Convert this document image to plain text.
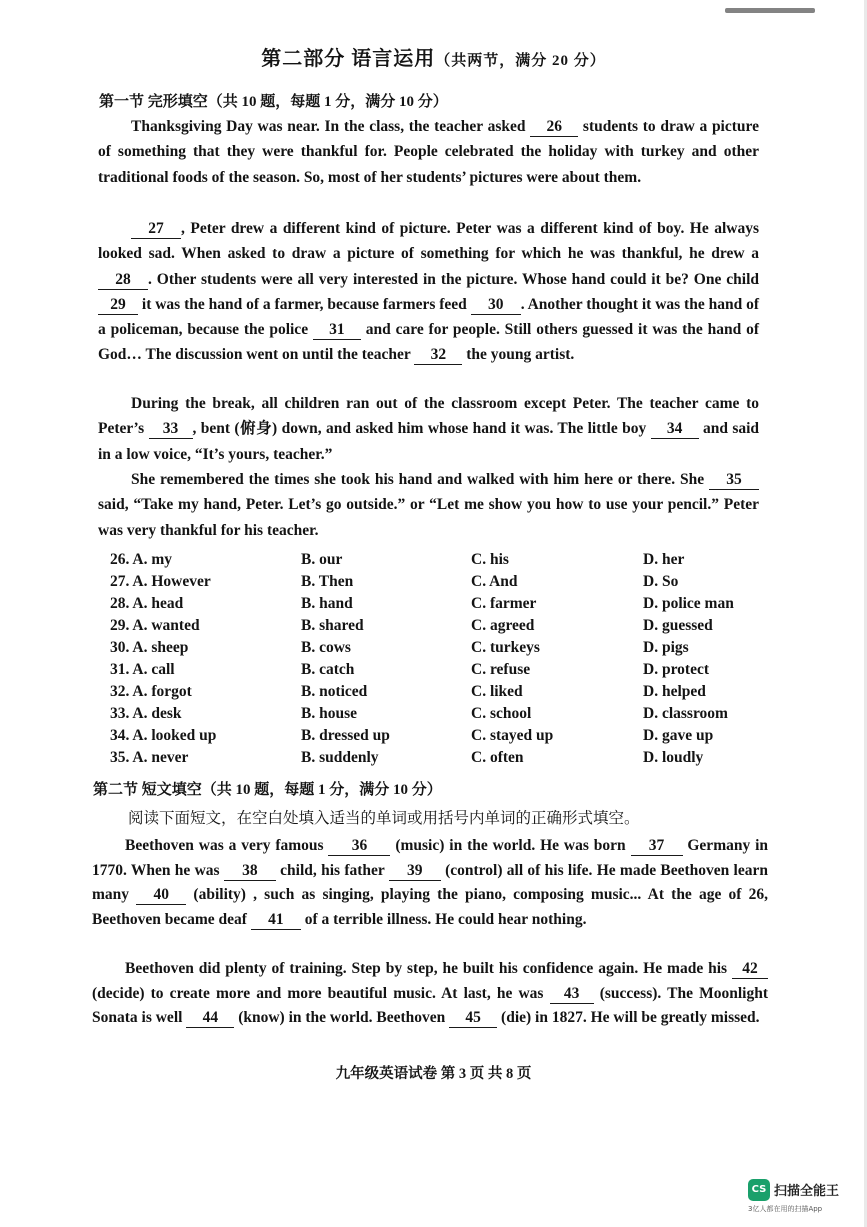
第二部分 语言运用（共两节，满分 20 分）
第一节 完形填空（共 10 题，每题 1 分，满分 10 分）
Thanksgiving Day was near. In the class, the teacher asked 26 students to draw a picture of something that they were thankful for. People celebrated the holiday with turkey and other traditional foods of the season. So, most of her students’ pictures were about them.
27 , Peter drew a different kind of picture. Peter was a different kind of boy. He always looked sad. When asked to draw a picture of something for which he was thankful, he drew a 28 . Other students were all very interested in the picture. Whose hand could it be? One child 29 it was the hand of a farmer, because farmers feed 30 . Another thought it was the hand of a policeman, because the police 31 and care for people. Still others guessed it was the hand of God… The discussion went on until the teacher 32 the young artist.
During the break, all children ran out of the classroom except Peter. The teacher came to Peter’s 33 , bent (俯身) down, and asked him whose hand it was. The little boy 34 and said in a low voice, “It’s yours, teacher.”
She remembered the times she took his hand and walked with him here or there. She 35 said, “Take my hand, Peter. Let’s go outside.” or “Let me show you how to use your pencil.” Peter was very thankful for his teacher.
26. A. my	B. our	C. his	D. her
27. A. However	B. Then	C. And	D. So
28. A. head	B. hand	C. farmer	D. police man
29. A. wanted	B. shared	C. agreed	D. guessed
30. A. sheep	B. cows	C. turkeys	D. pigs
31. A. call	B. catch	C. refuse	D. protect
32. A. forgot	B. noticed	C. liked	D. helped
33. A. desk	B. house	C. school	D. classroom
34. A. looked up	B. dressed up	C. stayed up	D. gave up
35. A. never	B. suddenly	C. often	D. loudly
第二节 短文填空（共 10 题，每题 1 分，满分 10 分）
阅读下面短文，在空白处填入适当的单词或用括号内单词的正确形式填空。
Beethoven was a very famous 36 (music) in the world. He was born 37 Germany in 1770. When he was 38 child, his father 39 (control) all of his life. He made Beethoven learn many 40 (ability) , such as singing, playing the piano, composing music... At the age of 26, Beethoven became deaf 41 of a terrible illness. He could hear nothing.
Beethoven did plenty of training. Step by step, he built his confidence again. He made his 42 (decide) to create more and more beautiful music. At last, he was 43 (success). The Moonlight Sonata is well 44 (know) in the world. Beethoven 45 (die) in 1827. He will be greatly missed.
九年级英语试卷 第 3 页 共 8 页
CS 扫描全能王
3亿人都在用的扫描App
